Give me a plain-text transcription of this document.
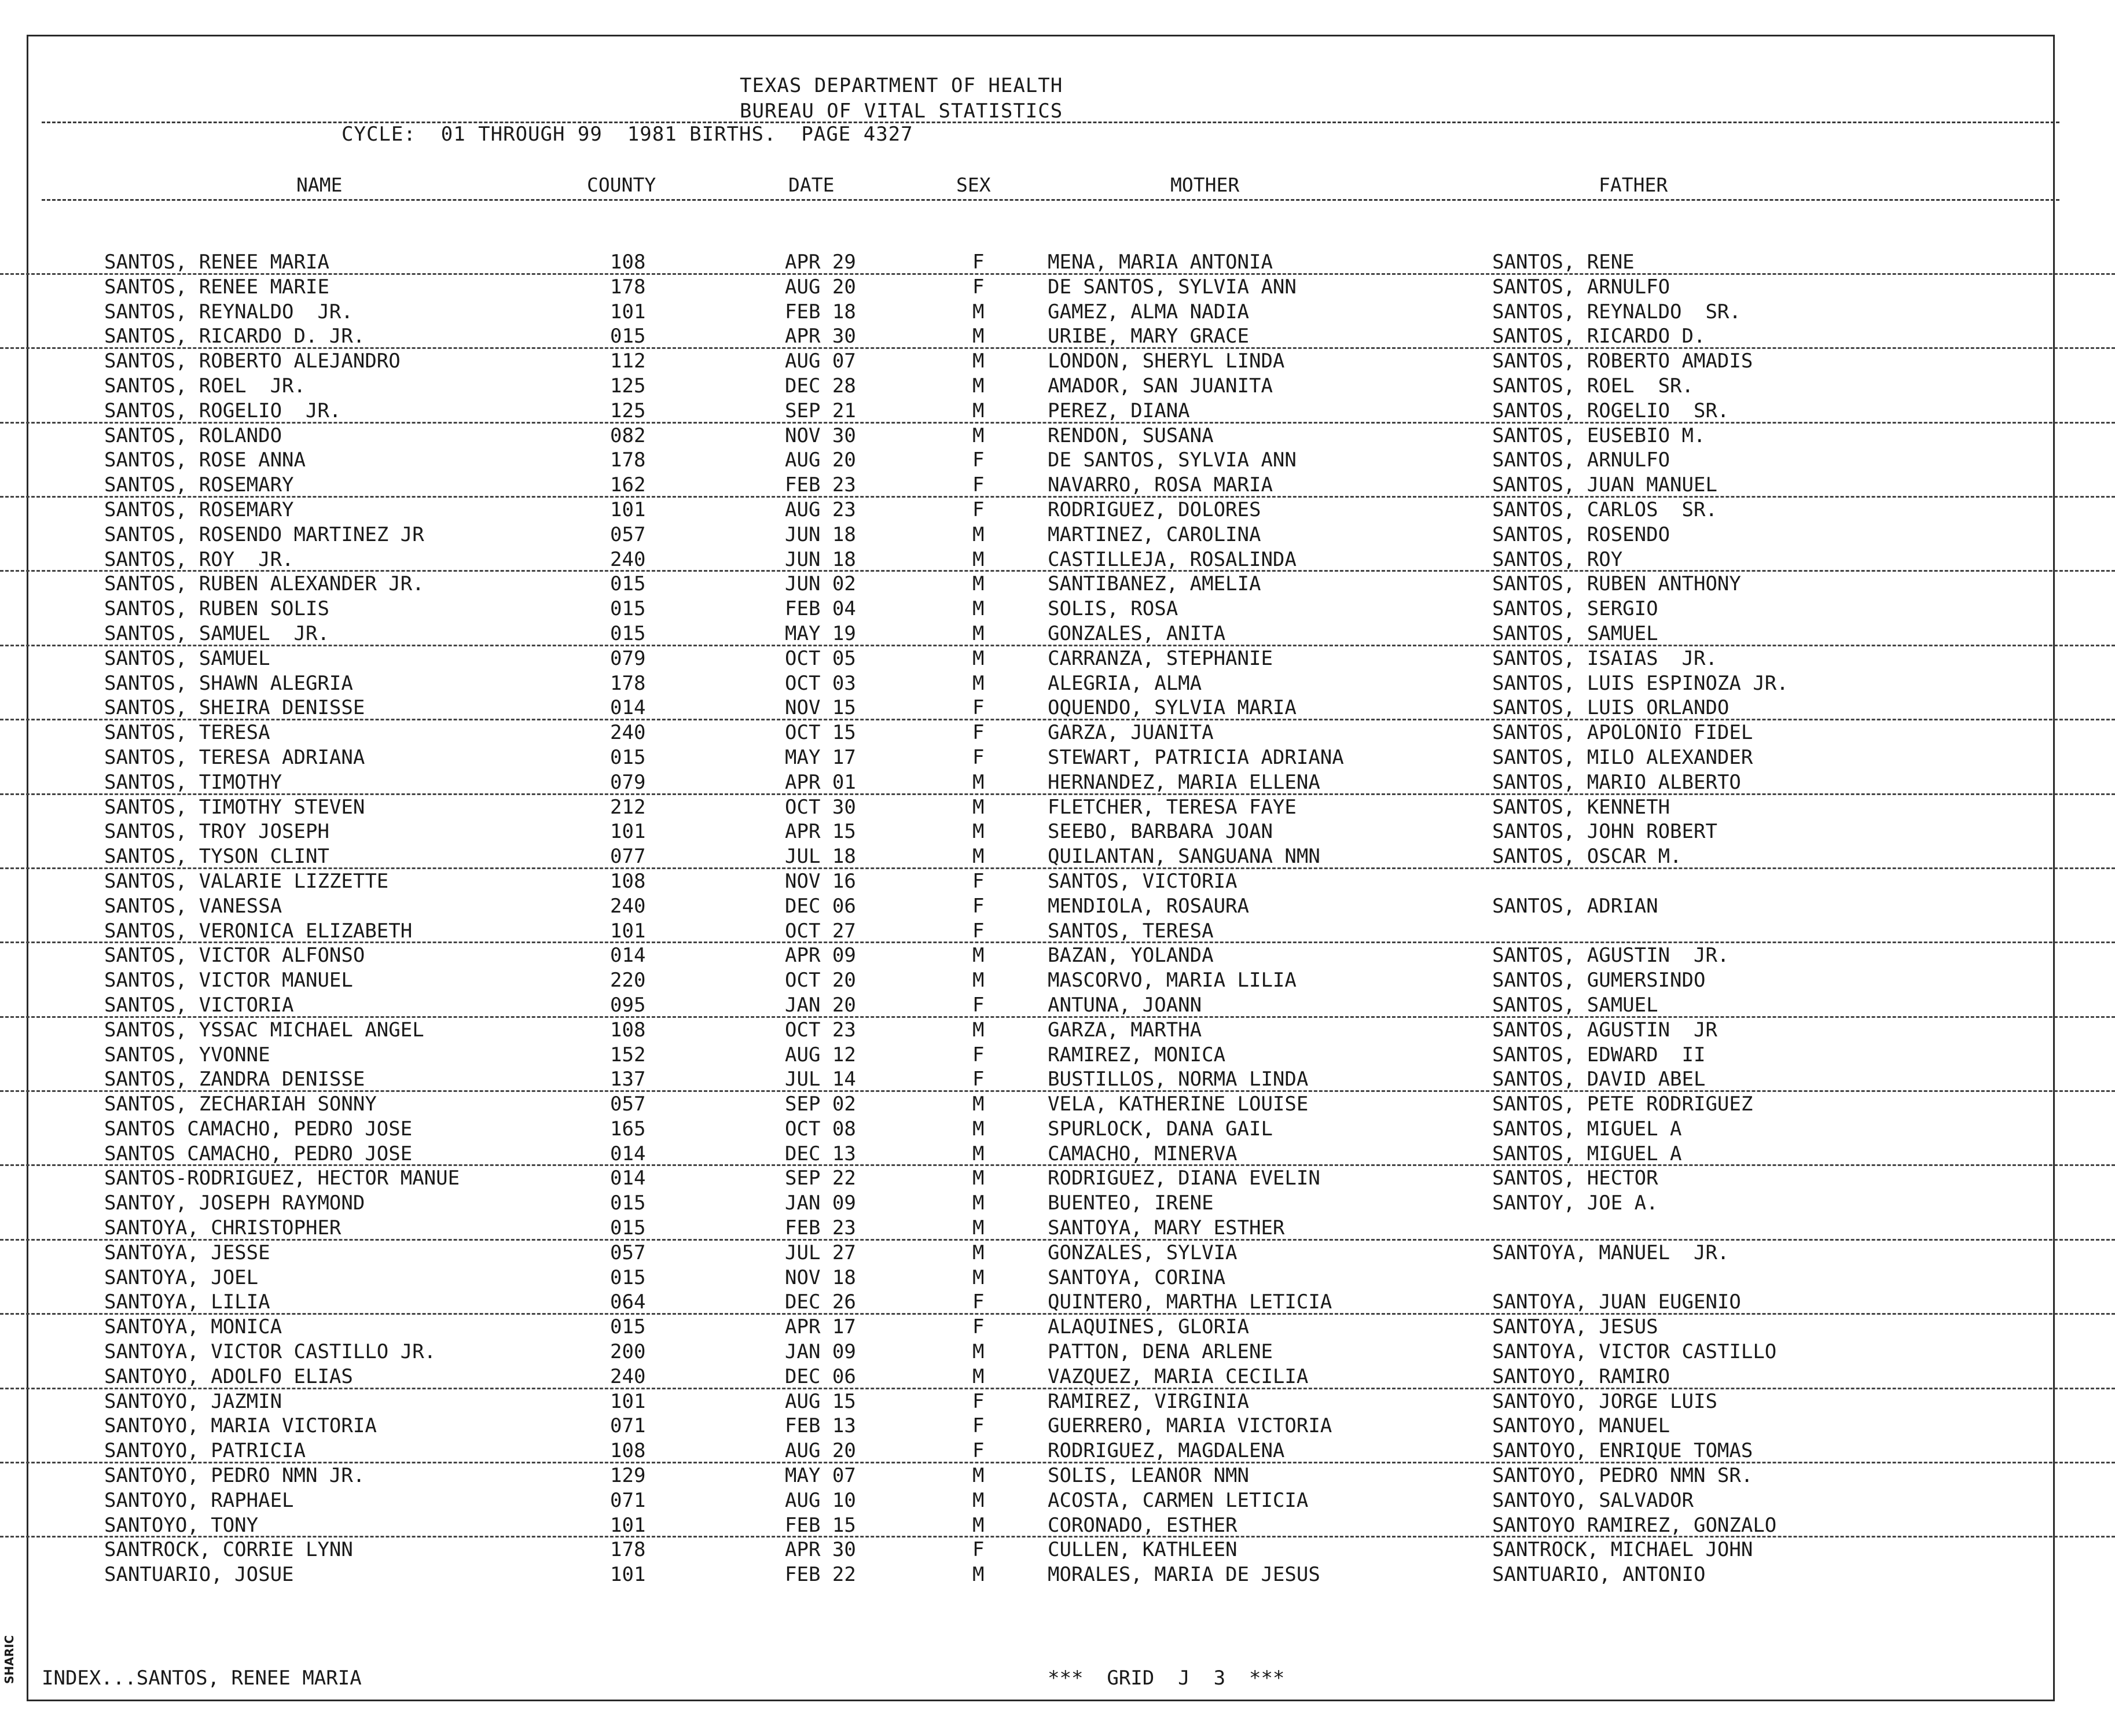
TEXAS DEPARTMENT OF HEALTH
BUREAU OF VITAL STATISTICS
CYCLE:  01 THROUGH 99  1981 BIRTHS.  PAGE 4327
NAME	COUNTY	DATE	SEX	MOTHER	FATHER
SANTOS, RENEE MARIA	108	APR 29	F	MENA, MARIA ANTONIA	SANTOS, RENE
SANTOS, RENEE MARIE	178	AUG 20	F	DE SANTOS, SYLVIA ANN	SANTOS, ARNULFO
SANTOS, REYNALDO  JR.	101	FEB 18	M	GAMEZ, ALMA NADIA	SANTOS, REYNALDO  SR.
SANTOS, RICARDO D. JR.	015	APR 30	M	URIBE, MARY GRACE	SANTOS, RICARDO D.
SANTOS, ROBERTO ALEJANDRO	112	AUG 07	M	LONDON, SHERYL LINDA	SANTOS, ROBERTO AMADIS
SANTOS, ROEL  JR.	125	DEC 28	M	AMADOR, SAN JUANITA	SANTOS, ROEL  SR.
SANTOS, ROGELIO  JR.	125	SEP 21	M	PEREZ, DIANA	SANTOS, ROGELIO  SR.
SANTOS, ROLANDO	082	NOV 30	M	RENDON, SUSANA	SANTOS, EUSEBIO M.
SANTOS, ROSE ANNA	178	AUG 20	F	DE SANTOS, SYLVIA ANN	SANTOS, ARNULFO
SANTOS, ROSEMARY	162	FEB 23	F	NAVARRO, ROSA MARIA	SANTOS, JUAN MANUEL
SANTOS, ROSEMARY	101	AUG 23	F	RODRIGUEZ, DOLORES	SANTOS, CARLOS  SR.
SANTOS, ROSENDO MARTINEZ JR	057	JUN 18	M	MARTINEZ, CAROLINA	SANTOS, ROSENDO
SANTOS, ROY  JR.	240	JUN 18	M	CASTILLEJA, ROSALINDA	SANTOS, ROY
SANTOS, RUBEN ALEXANDER JR.	015	JUN 02	M	SANTIBANEZ, AMELIA	SANTOS, RUBEN ANTHONY
SANTOS, RUBEN SOLIS	015	FEB 04	M	SOLIS, ROSA	SANTOS, SERGIO
SANTOS, SAMUEL  JR.	015	MAY 19	M	GONZALES, ANITA	SANTOS, SAMUEL
SANTOS, SAMUEL	079	OCT 05	M	CARRANZA, STEPHANIE	SANTOS, ISAIAS  JR.
SANTOS, SHAWN ALEGRIA	178	OCT 03	M	ALEGRIA, ALMA	SANTOS, LUIS ESPINOZA JR.
SANTOS, SHEIRA DENISSE	014	NOV 15	F	OQUENDO, SYLVIA MARIA	SANTOS, LUIS ORLANDO
SANTOS, TERESA	240	OCT 15	F	GARZA, JUANITA	SANTOS, APOLONIO FIDEL
SANTOS, TERESA ADRIANA	015	MAY 17	F	STEWART, PATRICIA ADRIANA	SANTOS, MILO ALEXANDER
SANTOS, TIMOTHY	079	APR 01	M	HERNANDEZ, MARIA ELLENA	SANTOS, MARIO ALBERTO
SANTOS, TIMOTHY STEVEN	212	OCT 30	M	FLETCHER, TERESA FAYE	SANTOS, KENNETH
SANTOS, TROY JOSEPH	101	APR 15	M	SEEBO, BARBARA JOAN	SANTOS, JOHN ROBERT
SANTOS, TYSON CLINT	077	JUL 18	M	QUILANTAN, SANGUANA NMN	SANTOS, OSCAR M.
SANTOS, VALARIE LIZZETTE	108	NOV 16	F	SANTOS, VICTORIA
SANTOS, VANESSA	240	DEC 06	F	MENDIOLA, ROSAURA	SANTOS, ADRIAN
SANTOS, VERONICA ELIZABETH	101	OCT 27	F	SANTOS, TERESA
SANTOS, VICTOR ALFONSO	014	APR 09	M	BAZAN, YOLANDA	SANTOS, AGUSTIN  JR.
SANTOS, VICTOR MANUEL	220	OCT 20	M	MASCORVO, MARIA LILIA	SANTOS, GUMERSINDO
SANTOS, VICTORIA	095	JAN 20	F	ANTUNA, JOANN	SANTOS, SAMUEL
SANTOS, YSSAC MICHAEL ANGEL	108	OCT 23	M	GARZA, MARTHA	SANTOS, AGUSTIN  JR
SANTOS, YVONNE	152	AUG 12	F	RAMIREZ, MONICA	SANTOS, EDWARD  II
SANTOS, ZANDRA DENISSE	137	JUL 14	F	BUSTILLOS, NORMA LINDA	SANTOS, DAVID ABEL
SANTOS, ZECHARIAH SONNY	057	SEP 02	M	VELA, KATHERINE LOUISE	SANTOS, PETE RODRIGUEZ
SANTOS CAMACHO, PEDRO JOSE	165	OCT 08	M	SPURLOCK, DANA GAIL	SANTOS, MIGUEL A
SANTOS CAMACHO, PEDRO JOSE	014	DEC 13	M	CAMACHO, MINERVA	SANTOS, MIGUEL A
SANTOS-RODRIGUEZ, HECTOR MANUE	014	SEP 22	M	RODRIGUEZ, DIANA EVELIN	SANTOS, HECTOR
SANTOY, JOSEPH RAYMOND	015	JAN 09	M	BUENTEO, IRENE	SANTOY, JOE A.
SANTOYA, CHRISTOPHER	015	FEB 23	M	SANTOYA, MARY ESTHER
SANTOYA, JESSE	057	JUL 27	M	GONZALES, SYLVIA	SANTOYA, MANUEL  JR.
SANTOYA, JOEL	015	NOV 18	M	SANTOYA, CORINA
SANTOYA, LILIA	064	DEC 26	F	QUINTERO, MARTHA LETICIA	SANTOYA, JUAN EUGENIO
SANTOYA, MONICA	015	APR 17	F	ALAQUINES, GLORIA	SANTOYA, JESUS
SANTOYA, VICTOR CASTILLO JR.	200	JAN 09	M	PATTON, DENA ARLENE	SANTOYA, VICTOR CASTILLO
SANTOYO, ADOLFO ELIAS	240	DEC 06	M	VAZQUEZ, MARIA CECILIA	SANTOYO, RAMIRO
SANTOYO, JAZMIN	101	AUG 15	F	RAMIREZ, VIRGINIA	SANTOYO, JORGE LUIS
SANTOYO, MARIA VICTORIA	071	FEB 13	F	GUERRERO, MARIA VICTORIA	SANTOYO, MANUEL
SANTOYO, PATRICIA	108	AUG 20	F	RODRIGUEZ, MAGDALENA	SANTOYO, ENRIQUE TOMAS
SANTOYO, PEDRO NMN JR.	129	MAY 07	M	SOLIS, LEANOR NMN	SANTOYO, PEDRO NMN SR.
SANTOYO, RAPHAEL	071	AUG 10	M	ACOSTA, CARMEN LETICIA	SANTOYO, SALVADOR
SANTOYO, TONY	101	FEB 15	M	CORONADO, ESTHER	SANTOYO RAMIREZ, GONZALO
SANTROCK, CORRIE LYNN	178	APR 30	F	CULLEN, KATHLEEN	SANTROCK, MICHAEL JOHN
SANTUARIO, JOSUE	101	FEB 22	M	MORALES, MARIA DE JESUS	SANTUARIO, ANTONIO
INDEX...SANTOS, RENEE MARIA	***  GRID  J  3  ***
SHARIC
